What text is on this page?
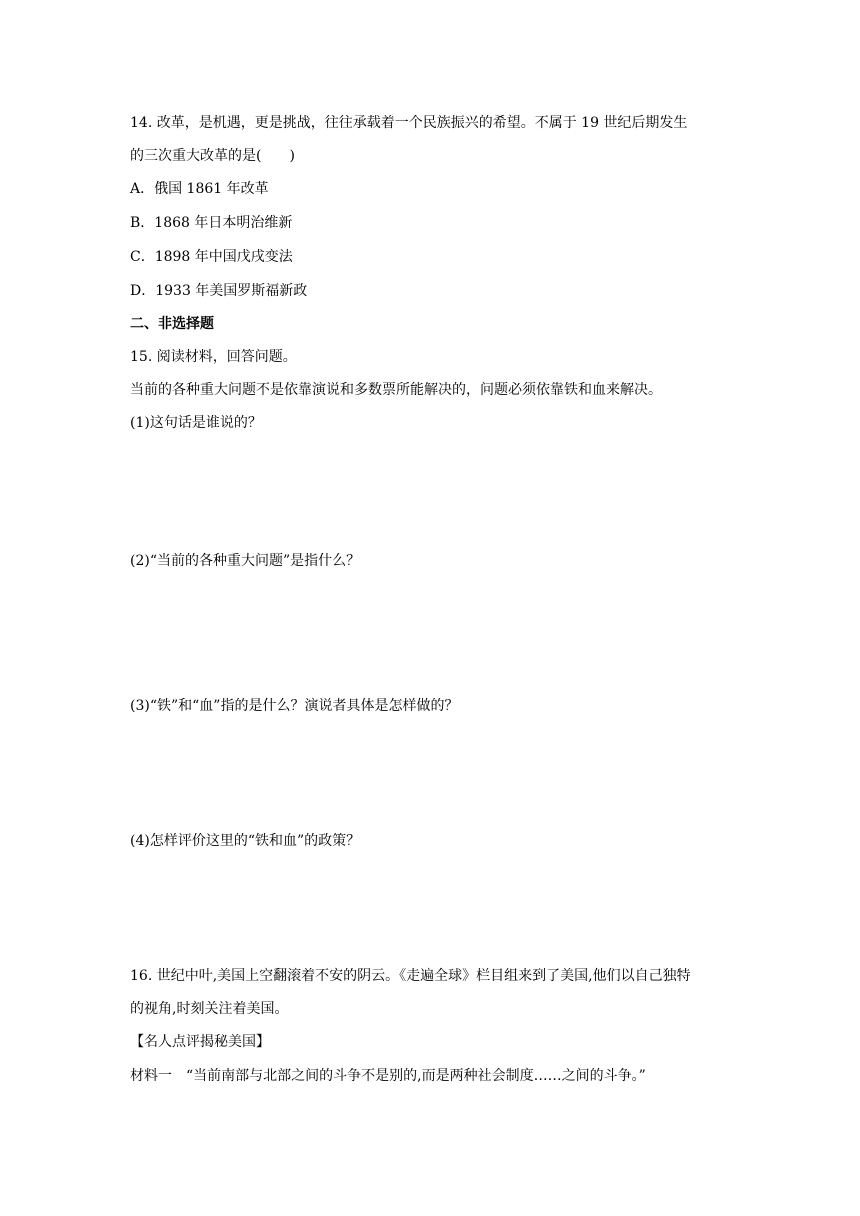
14. 改革，是机遇，更是挑战，往往承载着一个民族振兴的希望。不属于 19 世纪后期发生
的三次重大改革的是(　　)
A．俄国 1861 年改革
B．1868 年日本明治维新
C．1898 年中国戊戌变法
D．1933 年美国罗斯福新政
二、非选择题
15. 阅读材料，回答问题。
当前的各种重大问题不是依靠演说和多数票所能解决的，问题必须依靠铁和血来解决。
(1)这句话是谁说的？
(2)“当前的各种重大问题”是指什么？
(3)“铁”和“血”指的是什么？演说者具体是怎样做的？
(4)怎样评价这里的“铁和血”的政策？
16. 世纪中叶,美国上空翻滚着不安的阴云。《走遍全球》栏目组来到了美国,他们以自己独特
的视角,时刻关注着美国。
【名人点评揭秘美国】
材料一　“当前南部与北部之间的斗争不是别的,而是两种社会制度……之间的斗争。”
